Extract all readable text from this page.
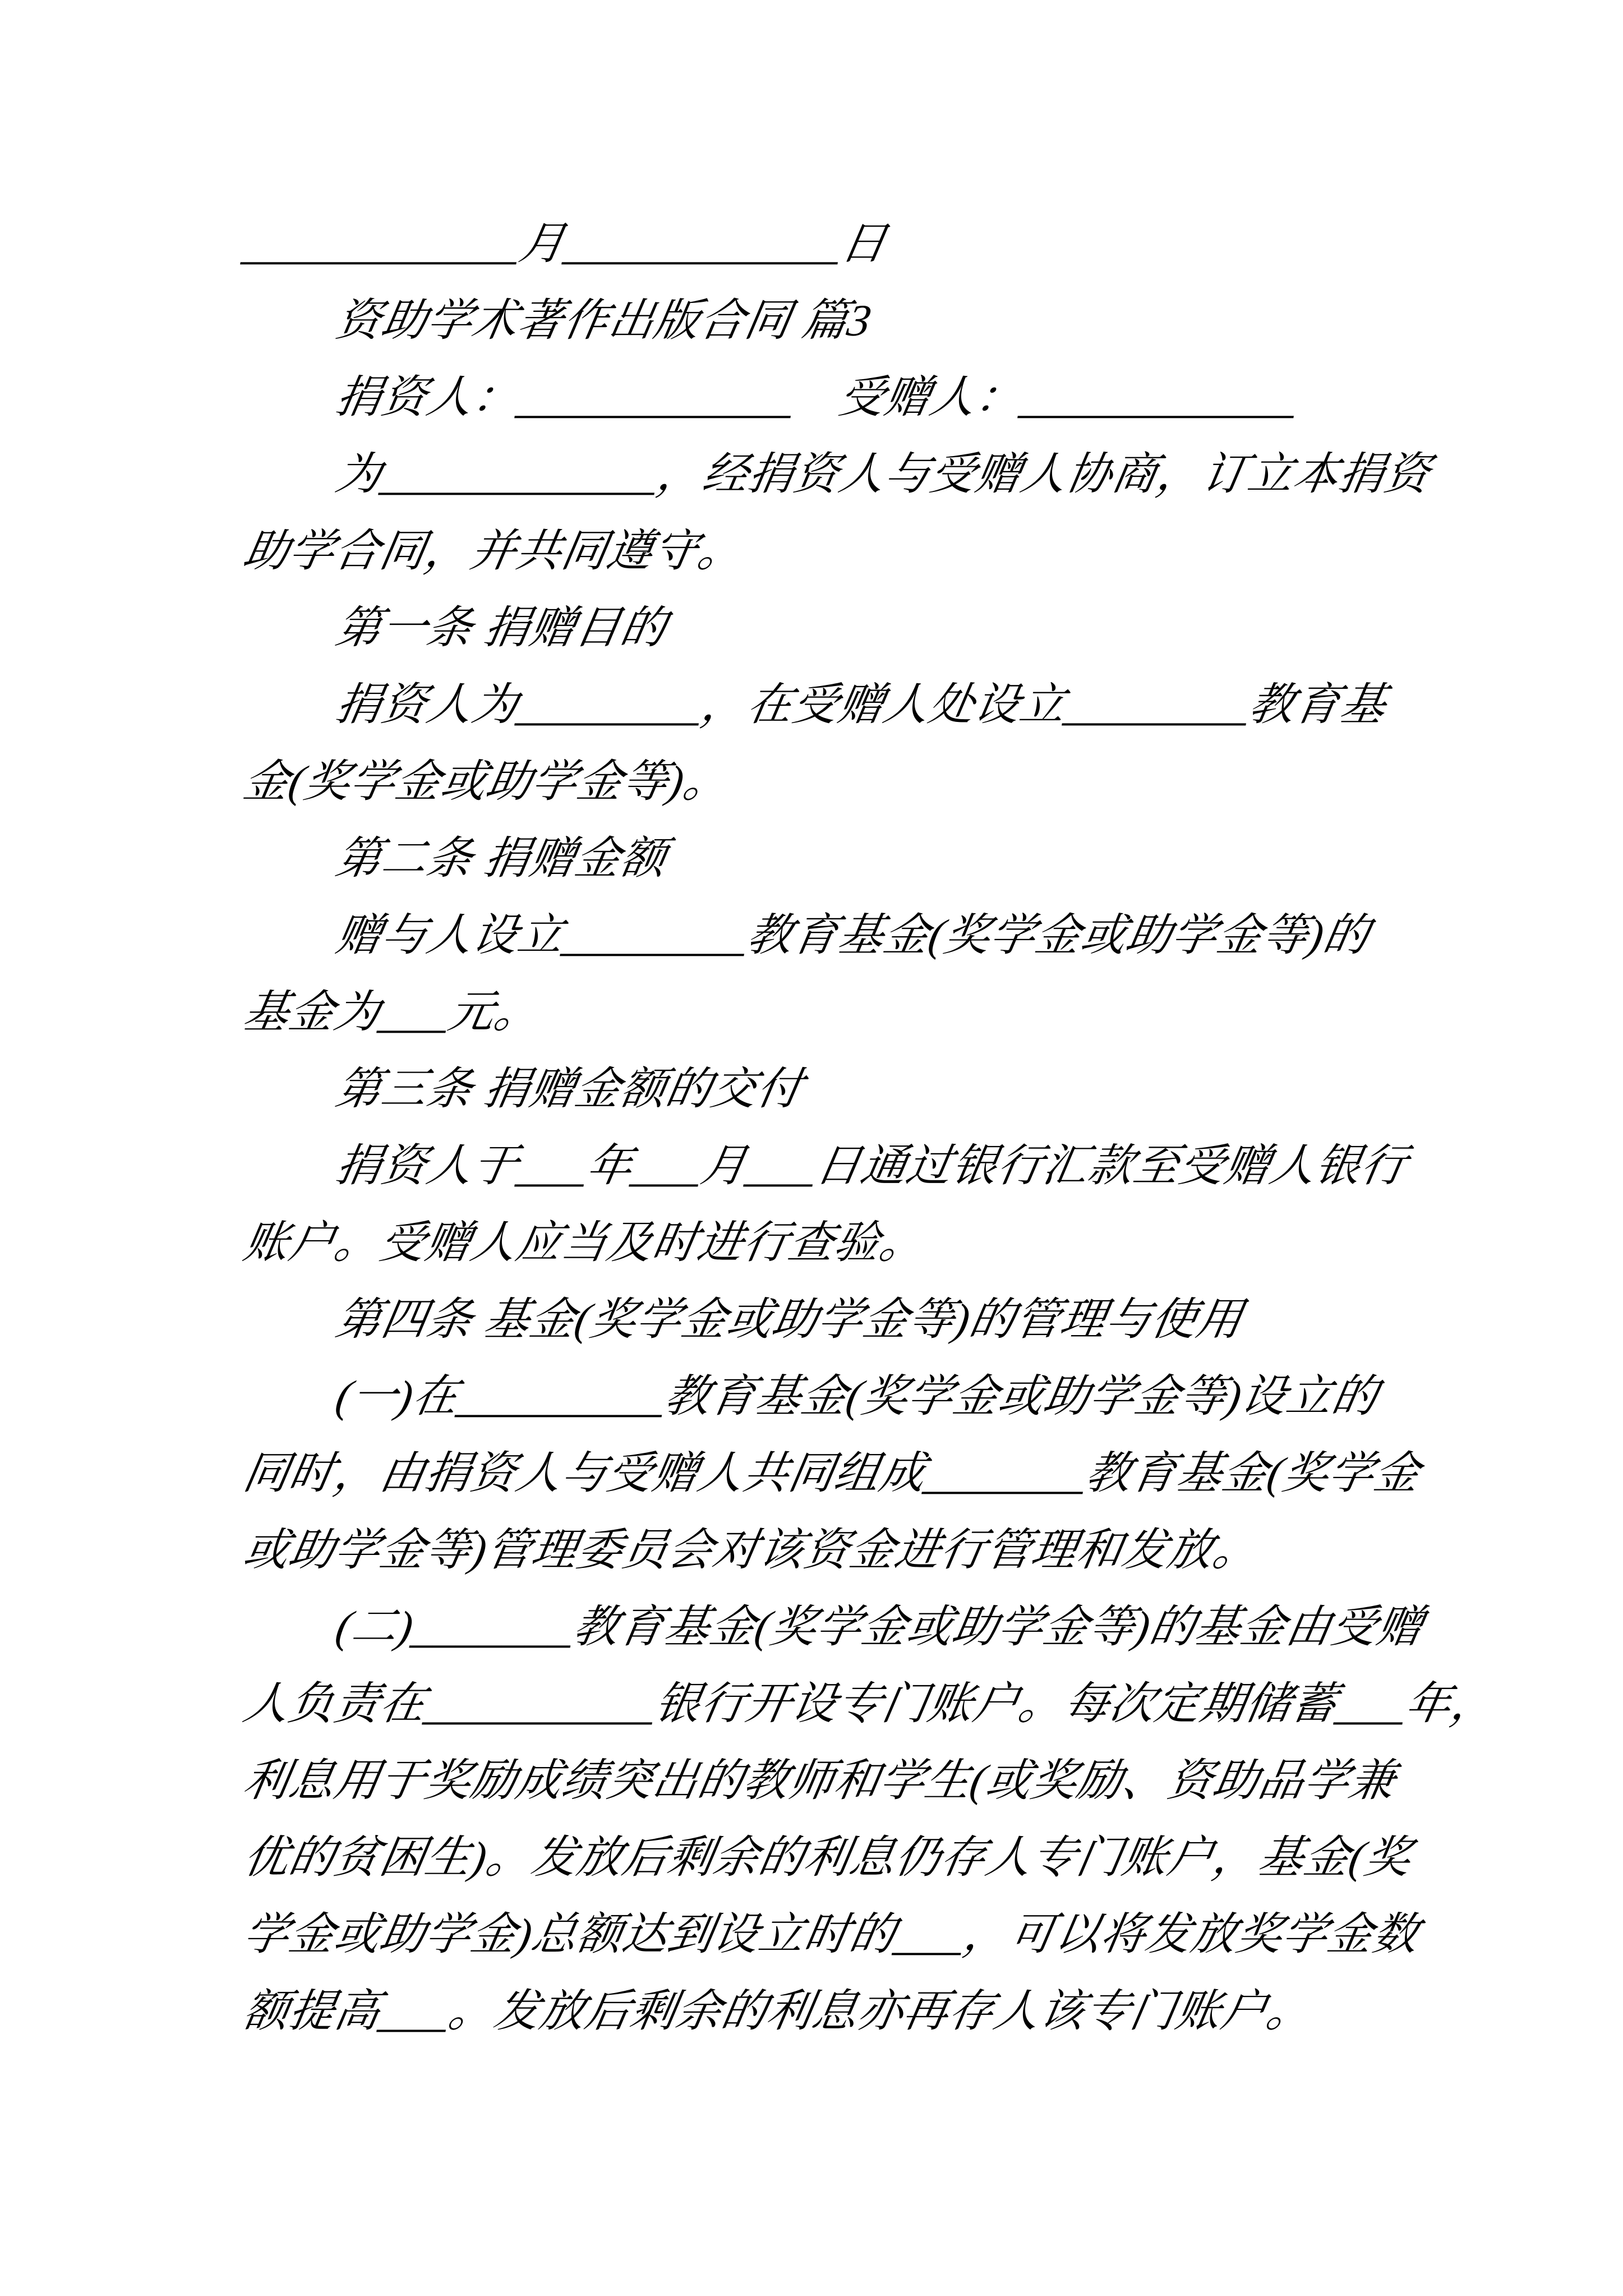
____________月____________日
资助学术著作出版合同 篇3
捐资人：____________　受赠人：____________
为____________，经捐资人与受赠人协商，订立本捐资
助学合同，并共同遵守。
第一条 捐赠目的
捐资人为________，在受赠人处设立________教育基
金(奖学金或助学金等)。
第二条 捐赠金额
赠与人设立________教育基金(奖学金或助学金等)的
基金为___元。
第三条 捐赠金额的交付
捐资人于___年___月___日通过银行汇款至受赠人银行
账户。受赠人应当及时进行查验。
第四条 基金(奖学金或助学金等)的管理与使用
(一)在_________教育基金(奖学金或助学金等)设立的
同时，由捐资人与受赠人共同组成_______教育基金(奖学金
或助学金等)管理委员会对该资金进行管理和发放。
(二)_______教育基金(奖学金或助学金等)的基金由受赠
人负责在__________银行开设专门账户。每次定期储蓄___年，
利息用于奖励成绩突出的教师和学生(或奖励、资助品学兼
优的贫困生)。发放后剩余的利息仍存人专门账户，基金(奖
学金或助学金)总额达到设立时的___，可以将发放奖学金数
额提高___。发放后剩余的利息亦再存人该专门账户。
